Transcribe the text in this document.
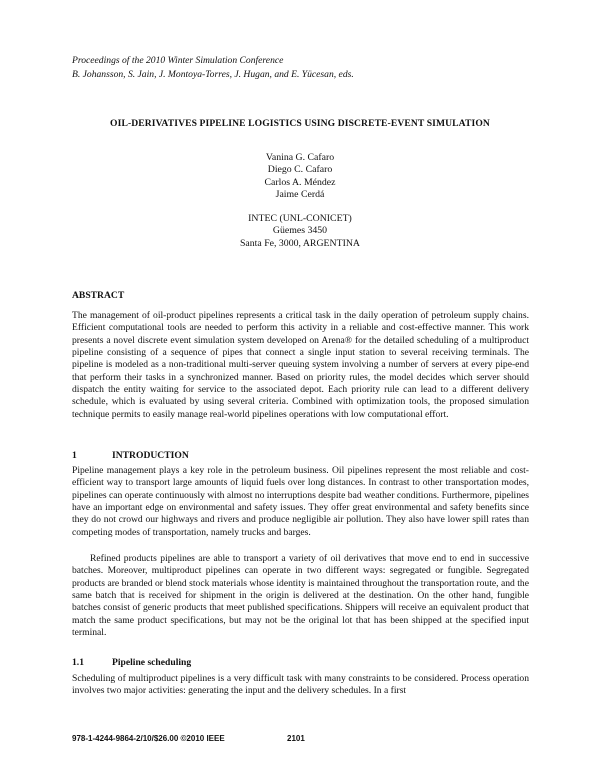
Proceedings of the 2010 Winter Simulation Conference
B. Johansson, S. Jain, J. Montoya-Torres, J. Hugan, and E. Yücesan, eds.
OIL-DERIVATIVES PIPELINE LOGISTICS USING DISCRETE-EVENT SIMULATION
Vanina G. Cafaro
Diego C. Cafaro
Carlos A. Méndez
Jaime Cerdá
INTEC (UNL-CONICET)
Güemes 3450
Santa Fe, 3000, ARGENTINA
ABSTRACT

The management of oil-product pipelines represents a critical task in the daily operation of petroleum supply chains. Efficient computational tools are needed to perform this activity in a reliable and cost-effective manner. This work presents a novel discrete event simulation system developed on Arena® for the detailed scheduling of a multiproduct pipeline consisting of a sequence of pipes that connect a single input station to several receiving terminals. The pipeline is modeled as a non-traditional multi-server queuing system involving a number of servers at every pipe-end that perform their tasks in a synchronized manner. Based on priority rules, the model decides which server should dispatch the entity waiting for service to the associated depot. Each priority rule can lead to a different delivery schedule, which is evaluated by using several criteria. Combined with optimization tools, the proposed simulation technique permits to easily manage real-world pipelines operations with low computational effort.

1	INTRODUCTION

Pipeline management plays a key role in the petroleum business. Oil pipelines represent the most reliable and cost-efficient way to transport large amounts of liquid fuels over long distances. In contrast to other transportation modes, pipelines can operate continuously with almost no interruptions despite bad weather conditions. Furthermore, pipelines have an important edge on environmental and safety issues. They offer great environmental and safety benefits since they do not crowd our highways and rivers and produce negligible air pollution. They also have lower spill rates than competing modes of transportation, namely trucks and barges.

Refined products pipelines are able to transport a variety of oil derivatives that move end to end in successive batches. Moreover, multiproduct pipelines can operate in two different ways: segregated or fungible. Segregated products are branded or blend stock materials whose identity is maintained throughout the transportation route, and the same batch that is received for shipment in the origin is delivered at the destination. On the other hand, fungible batches consist of generic products that meet published specifications. Shippers will receive an equivalent product that match the same product specifications, but may not be the original lot that has been shipped at the specified input terminal.

1.1	Pipeline scheduling

Scheduling of multiproduct pipelines is a very difficult task with many constraints to be considered. Process operation involves two major activities: generating the input and the delivery schedules. In a first

978-1-4244-9864-2/10/$26.00 ©2010 IEEE	2101
